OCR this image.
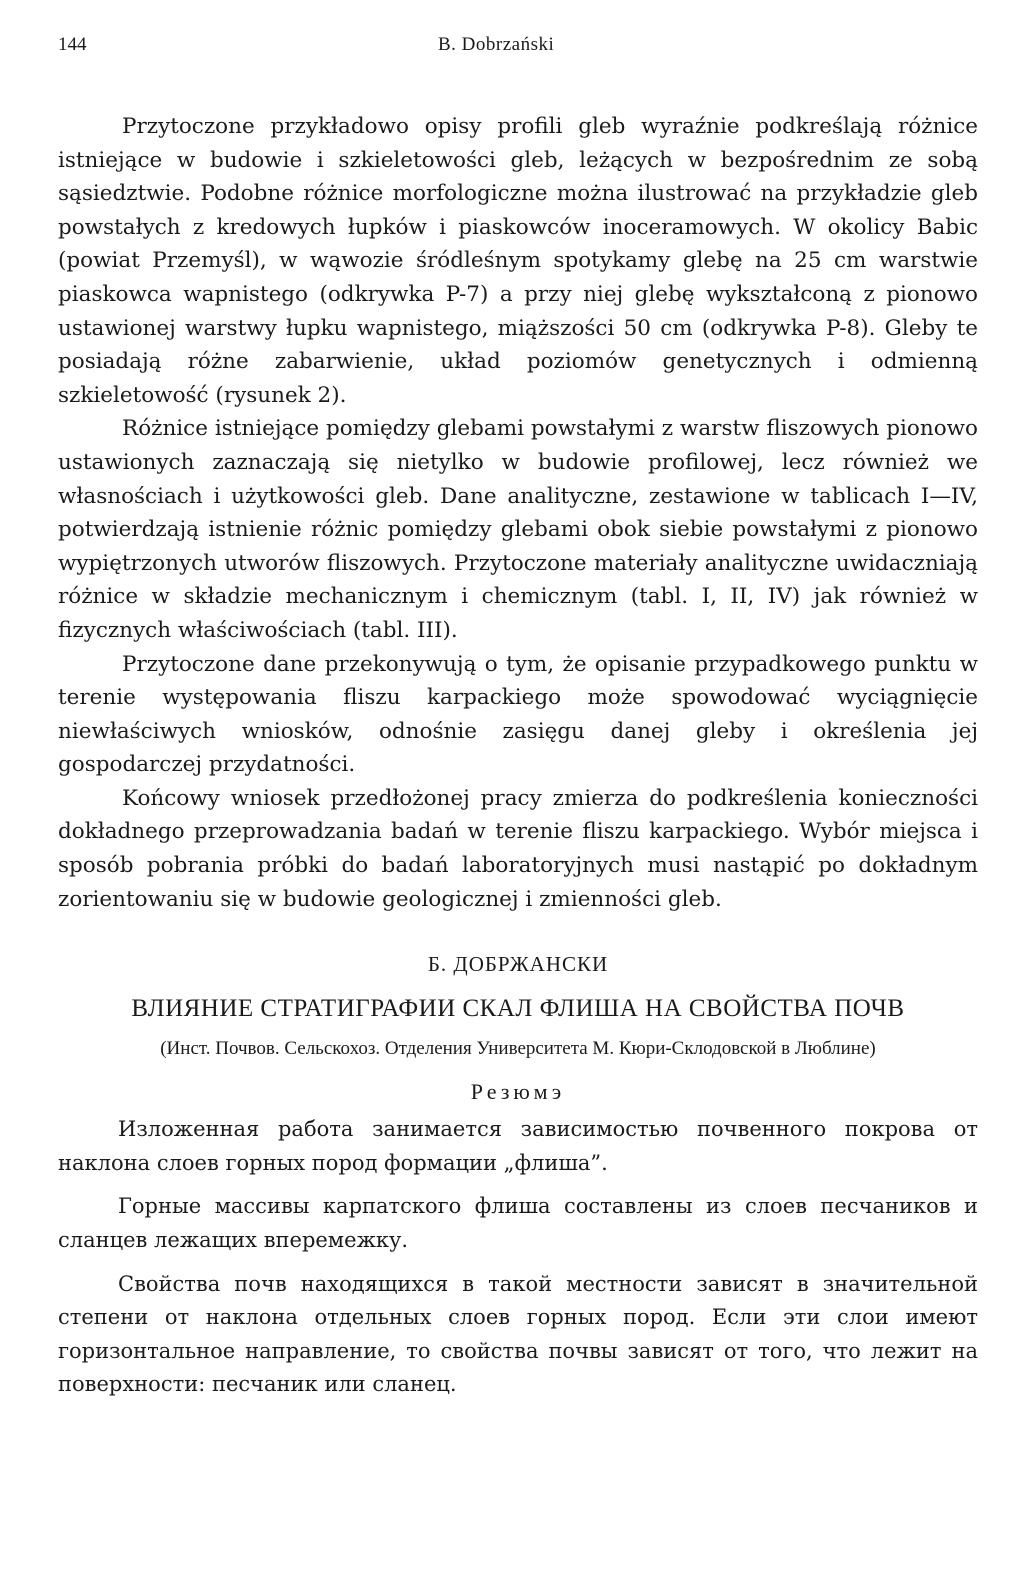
144	B. Dobrzański

Przytoczone przykładowo opisy profili gleb wyraźnie podkreślają różnice istniejące w budowie i szkieletowości gleb, leżących w bezpośrednim ze sobą sąsiedztwie. Podobne różnice morfologiczne można ilustrować na przykładzie gleb powstałych z kredowych łupków i piaskowców inoceramowych. W okolicy Babic (powiat Przemyśl), w wąwozie śródleśnym spotykamy glebę na 25 cm warstwie piaskowca wapnistego (odkrywka P-7) a przy niej glebę wykształconą z pionowo ustawionej warstwy łupku wapnistego, miąższości 50 cm (odkrywka P-8). Gleby te posiadają różne zabarwienie, układ poziomów genetycznych i odmienną szkieletowość (rysunek 2).

Różnice istniejące pomiędzy glebami powstałymi z warstw fliszowych pionowo ustawionych zaznaczają się nietylko w budowie profilowej, lecz również we własnościach i użytkowości gleb. Dane analityczne, zestawione w tablicach I—IV, potwierdzają istnienie różnic pomiędzy glebami obok siebie powstałymi z pionowo wypiętrzonych utworów fliszowych. Przytoczone materiały analityczne uwidaczniają różnice w składzie mechanicznym i chemicznym (tabl. I, II, IV) jak również w fizycznych właściwościach (tabl. III).

Przytoczone dane przekonywują o tym, że opisanie przypadkowego punktu w terenie występowania fliszu karpackiego może spowodować wyciągnięcie niewłaściwych wniosków, odnośnie zasięgu danej gleby i określenia jej gospodarczej przydatności.

Końcowy wniosek przedłożonej pracy zmierza do podkreślenia konieczności dokładnego przeprowadzania badań w terenie fliszu karpackiego. Wybór miejsca i sposób pobrania próbki do badań laboratoryjnych musi nastąpić po dokładnym zorientowaniu się w budowie geologicznej i zmienności gleb.

Б. ДОБРЖАНСКИ

ВЛИЯНИЕ СТРАТИГРАФИИ СКАЛ ФЛИША НА СВОЙСТВА ПОЧВ

(Инст. Почвов. Сельскохоз. Отделения Университета М. Кюри-Склодовской в Люблине)

Резюмэ

Изложенная работа занимается зависимостью почвенного покрова от наклона слоев горных пород формации „флиша”.

Горные массивы карпатского флиша составлены из слоев песчаников и сланцев лежащих вперемежку.

Свойства почв находящихся в такой местности зависят в значительной степени от наклона отдельных слоев горных пород. Если эти слои имеют горизонтальное направление, то свойства почвы зависят от того, что лежит на поверхности: песчаник или сланец.
